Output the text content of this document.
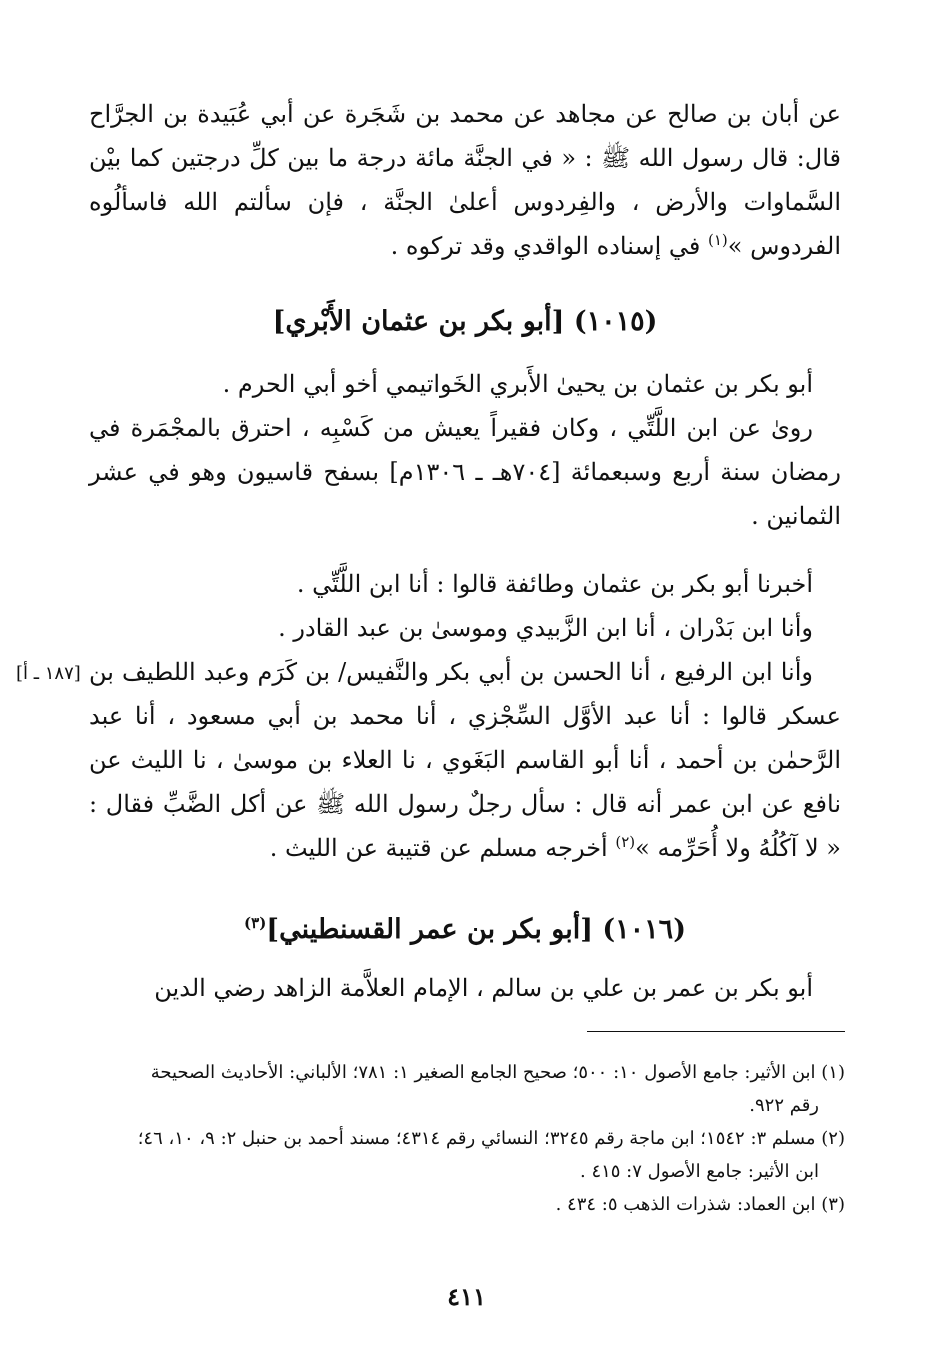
عن أبان بن صالح عن مجاهد عن محمد بن شَجَرة عن أبي عُبَيدة بن الجرَّاح قال: قال رسول الله ﷺ : « في الجنَّة مائة درجة ما بين كلِّ درجتين كما بيْن السَّماوات والأرض ، والفِردوس أعلىٰ الجنَّة ، فإن سألتم الله فاسألُوه الفردوس »$^{(١)}$ في إسناده الواقدي وقد تركوه .

(١٠١٥) [أبو بكر بن عثمان الأَبْري]

أبو بكر بن عثمان بن يحيىٰ الأَبري الخَواتيمي أخو أبي الحرم .

روىٰ عن ابن اللَّتِّي ، وكان فقيراً يعيش من كَسْبِه ، احترق بالمجْمَرة في رمضان سنة أربع وسبعمائة [٧٠٤هـ ـ ١٣٠٦م] بسفح قاسيون وهو في عشر الثمانين .

أخبرنا أبو بكر بن عثمان وطائفة قالوا : أنا ابن اللَّتِّي .

وأنا ابن بَدْران ، أنا ابن الزَّبيدي وموسىٰ بن عبد القادر .

وأنا ابن الرفيع ، أنا الحسن بن أبي بكر والنَّفيس/ بن كَرَم وعبد اللطيف بن عسكر قالوا : أنا عبد الأوَّل السِّجْزي ، أنا محمد بن أبي مسعود ، أنا عبد الرَّحمٰن بن أحمد ، أنا أبو القاسم البَغَوي ، نا العلاء بن موسىٰ ، نا الليث عن نافع عن ابن عمر أنه قال : سأل رجلٌ رسول الله ﷺ عن أكل الضَّبِّ فقال : « لا آكُلُهُ ولا أُحَرِّمه »$^{(٢)}$ أخرجه مسلم عن قتيبة عن الليث .

[١٨٧ ـ أ]
(١٠١٦) [أبو بكر بن عمر القسنطيني]$^{(٣)}$

أبو بكر بن عمر بن علي بن سالم ، الإمام العلاَّمة الزاهد رضي الدين

(١) ابن الأثير: جامع الأصول ١٠: ٥٠٠؛ صحيح الجامع الصغير ١: ٧٨١؛ الألباني: الأحاديث الصحيحة

رقم ٩٢٢.

(٢) مسلم ٣: ١٥٤٢؛ ابن ماجة رقم ٣٢٤٥؛ النسائي رقم ٤٣١٤؛ مسند أحمد بن حنبل ٢: ٩، ١٠، ٤٦؛

ابن الأثير: جامع الأصول ٧: ٤١٥ .

(٣) ابن العماد: شذرات الذهب ٥: ٤٣٤ .

٤١١
